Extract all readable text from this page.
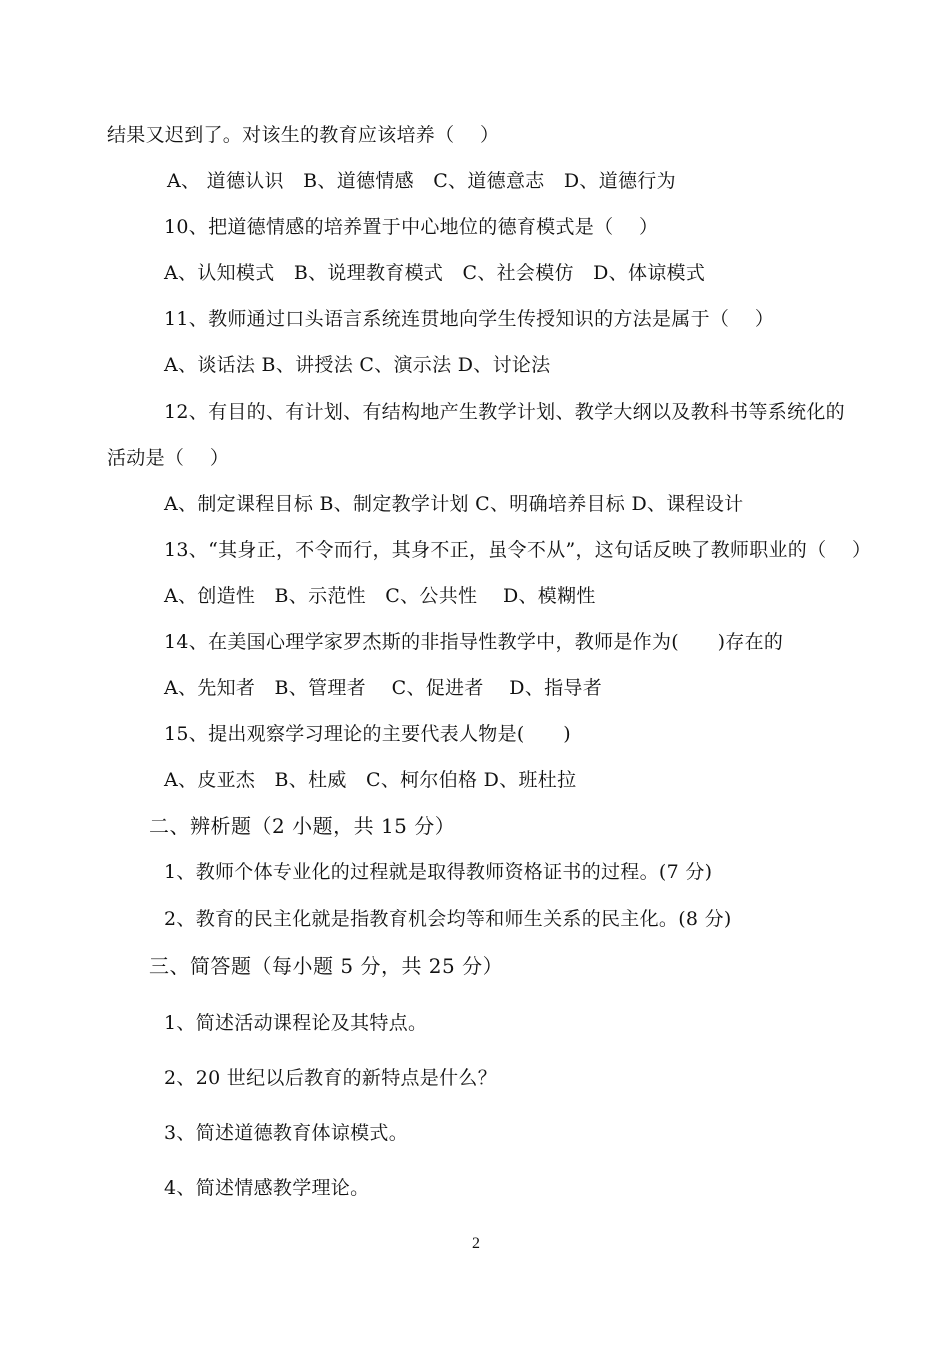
结果又迟到了。对该生的教育应该培养（　 ）
A、 道德认识　B、道德情感　C、道德意志　D、道德行为
10、把道德情感的培养置于中心地位的德育模式是（　 ）
A、认知模式　B、说理教育模式　C、社会模仿　D、体谅模式
11、教师通过口头语言系统连贯地向学生传授知识的方法是属于（　 ）
A、谈话法 B、讲授法 C、演示法 D、讨论法
12、有目的、有计划、有结构地产生教学计划、教学大纲以及教科书等系统化的
活动是（　 ）
A、制定课程目标 B、制定教学计划 C、明确培养目标 D、课程设计
13、“其身正，不令而行，其身不正，虽令不从”，这句话反映了教师职业的（　 ）
A、创造性　B、示范性　C、公共性　 D、模糊性
14、在美国心理学家罗杰斯的非指导性教学中，教师是作为(　　)存在的
A、先知者　B、管理者　 C、促进者　 D、指导者
15、提出观察学习理论的主要代表人物是(　　)
A、皮亚杰　B、杜威　C、柯尔伯格 D、班杜拉
二、辨析题（2 小题，共 15 分）
1、教师个体专业化的过程就是取得教师资格证书的过程。(7 分)
2、教育的民主化就是指教育机会均等和师生关系的民主化。(8 分)
三、简答题（每小题 5 分，共 25 分）
1、简述活动课程论及其特点。
2、20 世纪以后教育的新特点是什么？
3、简述道德教育体谅模式。
4、简述情感教学理论。
2
